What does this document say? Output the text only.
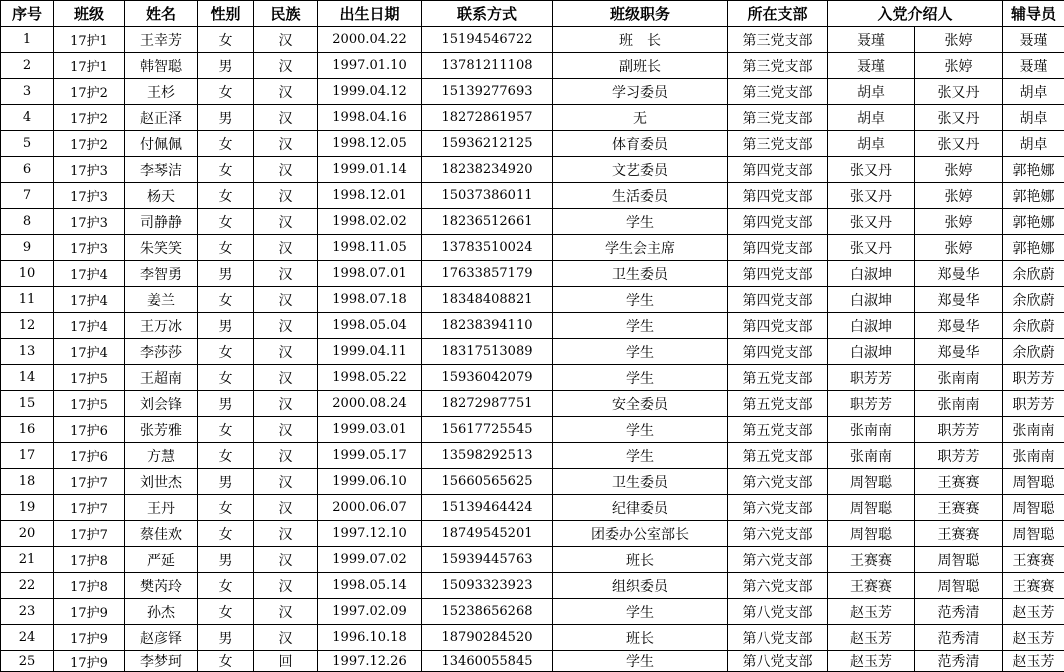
序号	班级	姓名	性别	民族	出生日期	联系方式	班级职务	所在支部	入党介绍人		辅导员
1	17护1	王幸芳	女	汉	2000.04.22	15194546722	班　长	第三党支部	聂瑾	张婷	聂瑾
2	17护1	韩智聪	男	汉	1997.01.10	13781211108	副班长	第三党支部	聂瑾	张婷	聂瑾
3	17护2	王杉	女	汉	1999.04.12	15139277693	学习委员	第三党支部	胡卓	张又丹	胡卓
4	17护2	赵正泽	男	汉	1998.04.16	18272861957	无	第三党支部	胡卓	张又丹	胡卓
5	17护2	付佩佩	女	汉	1998.12.05	15936212125	体育委员	第三党支部	胡卓	张又丹	胡卓
6	17护3	李琴洁	女	汉	1999.01.14	18238234920	文艺委员	第四党支部	张又丹	张婷	郭艳娜
7	17护3	杨天	女	汉	1998.12.01	15037386011	生活委员	第四党支部	张又丹	张婷	郭艳娜
8	17护3	司静静	女	汉	1998.02.02	18236512661	学生	第四党支部	张又丹	张婷	郭艳娜
9	17护3	朱笑笑	女	汉	1998.11.05	13783510024	学生会主席	第四党支部	张又丹	张婷	郭艳娜
10	17护4	李智勇	男	汉	1998.07.01	17633857179	卫生委员	第四党支部	白淑坤	郑曼华	余欣蔚
11	17护4	姜兰	女	汉	1998.07.18	18348408821	学生	第四党支部	白淑坤	郑曼华	余欣蔚
12	17护4	王万冰	男	汉	1998.05.04	18238394110	学生	第四党支部	白淑坤	郑曼华	余欣蔚
13	17护4	李莎莎	女	汉	1999.04.11	18317513089	学生	第四党支部	白淑坤	郑曼华	余欣蔚
14	17护5	王超南	女	汉	1998.05.22	15936042079	学生	第五党支部	职芳芳	张南南	职芳芳
15	17护5	刘会锋	男	汉	2000.08.24	18272987751	安全委员	第五党支部	职芳芳	张南南	职芳芳
16	17护6	张芳雅	女	汉	1999.03.01	15617725545	学生	第五党支部	张南南	职芳芳	张南南
17	17护6	方慧	女	汉	1999.05.17	13598292513	学生	第五党支部	张南南	职芳芳	张南南
18	17护7	刘世杰	男	汉	1999.06.10	15660565625	卫生委员	第六党支部	周智聪	王赛赛	周智聪
19	17护7	王丹	女	汉	2000.06.07	15139464424	纪律委员	第六党支部	周智聪	王赛赛	周智聪
20	17护7	蔡佳欢	女	汉	1997.12.10	18749545201	团委办公室部长	第六党支部	周智聪	王赛赛	周智聪
21	17护8	严延	男	汉	1999.07.02	15939445763	班长	第六党支部	王赛赛	周智聪	王赛赛
22	17护8	樊芮玲	女	汉	1998.05.14	15093323923	组织委员	第六党支部	王赛赛	周智聪	王赛赛
23	17护9	孙杰	女	汉	1997.02.09	15238656268	学生	第八党支部	赵玉芳	范秀清	赵玉芳
24	17护9	赵彦铎	男	汉	1996.10.18	18790284520	班长	第八党支部	赵玉芳	范秀清	赵玉芳
25	17护9	李梦珂	女	回	1997.12.26	13460055845	学生	第八党支部	赵玉芳	范秀清	赵玉芳
